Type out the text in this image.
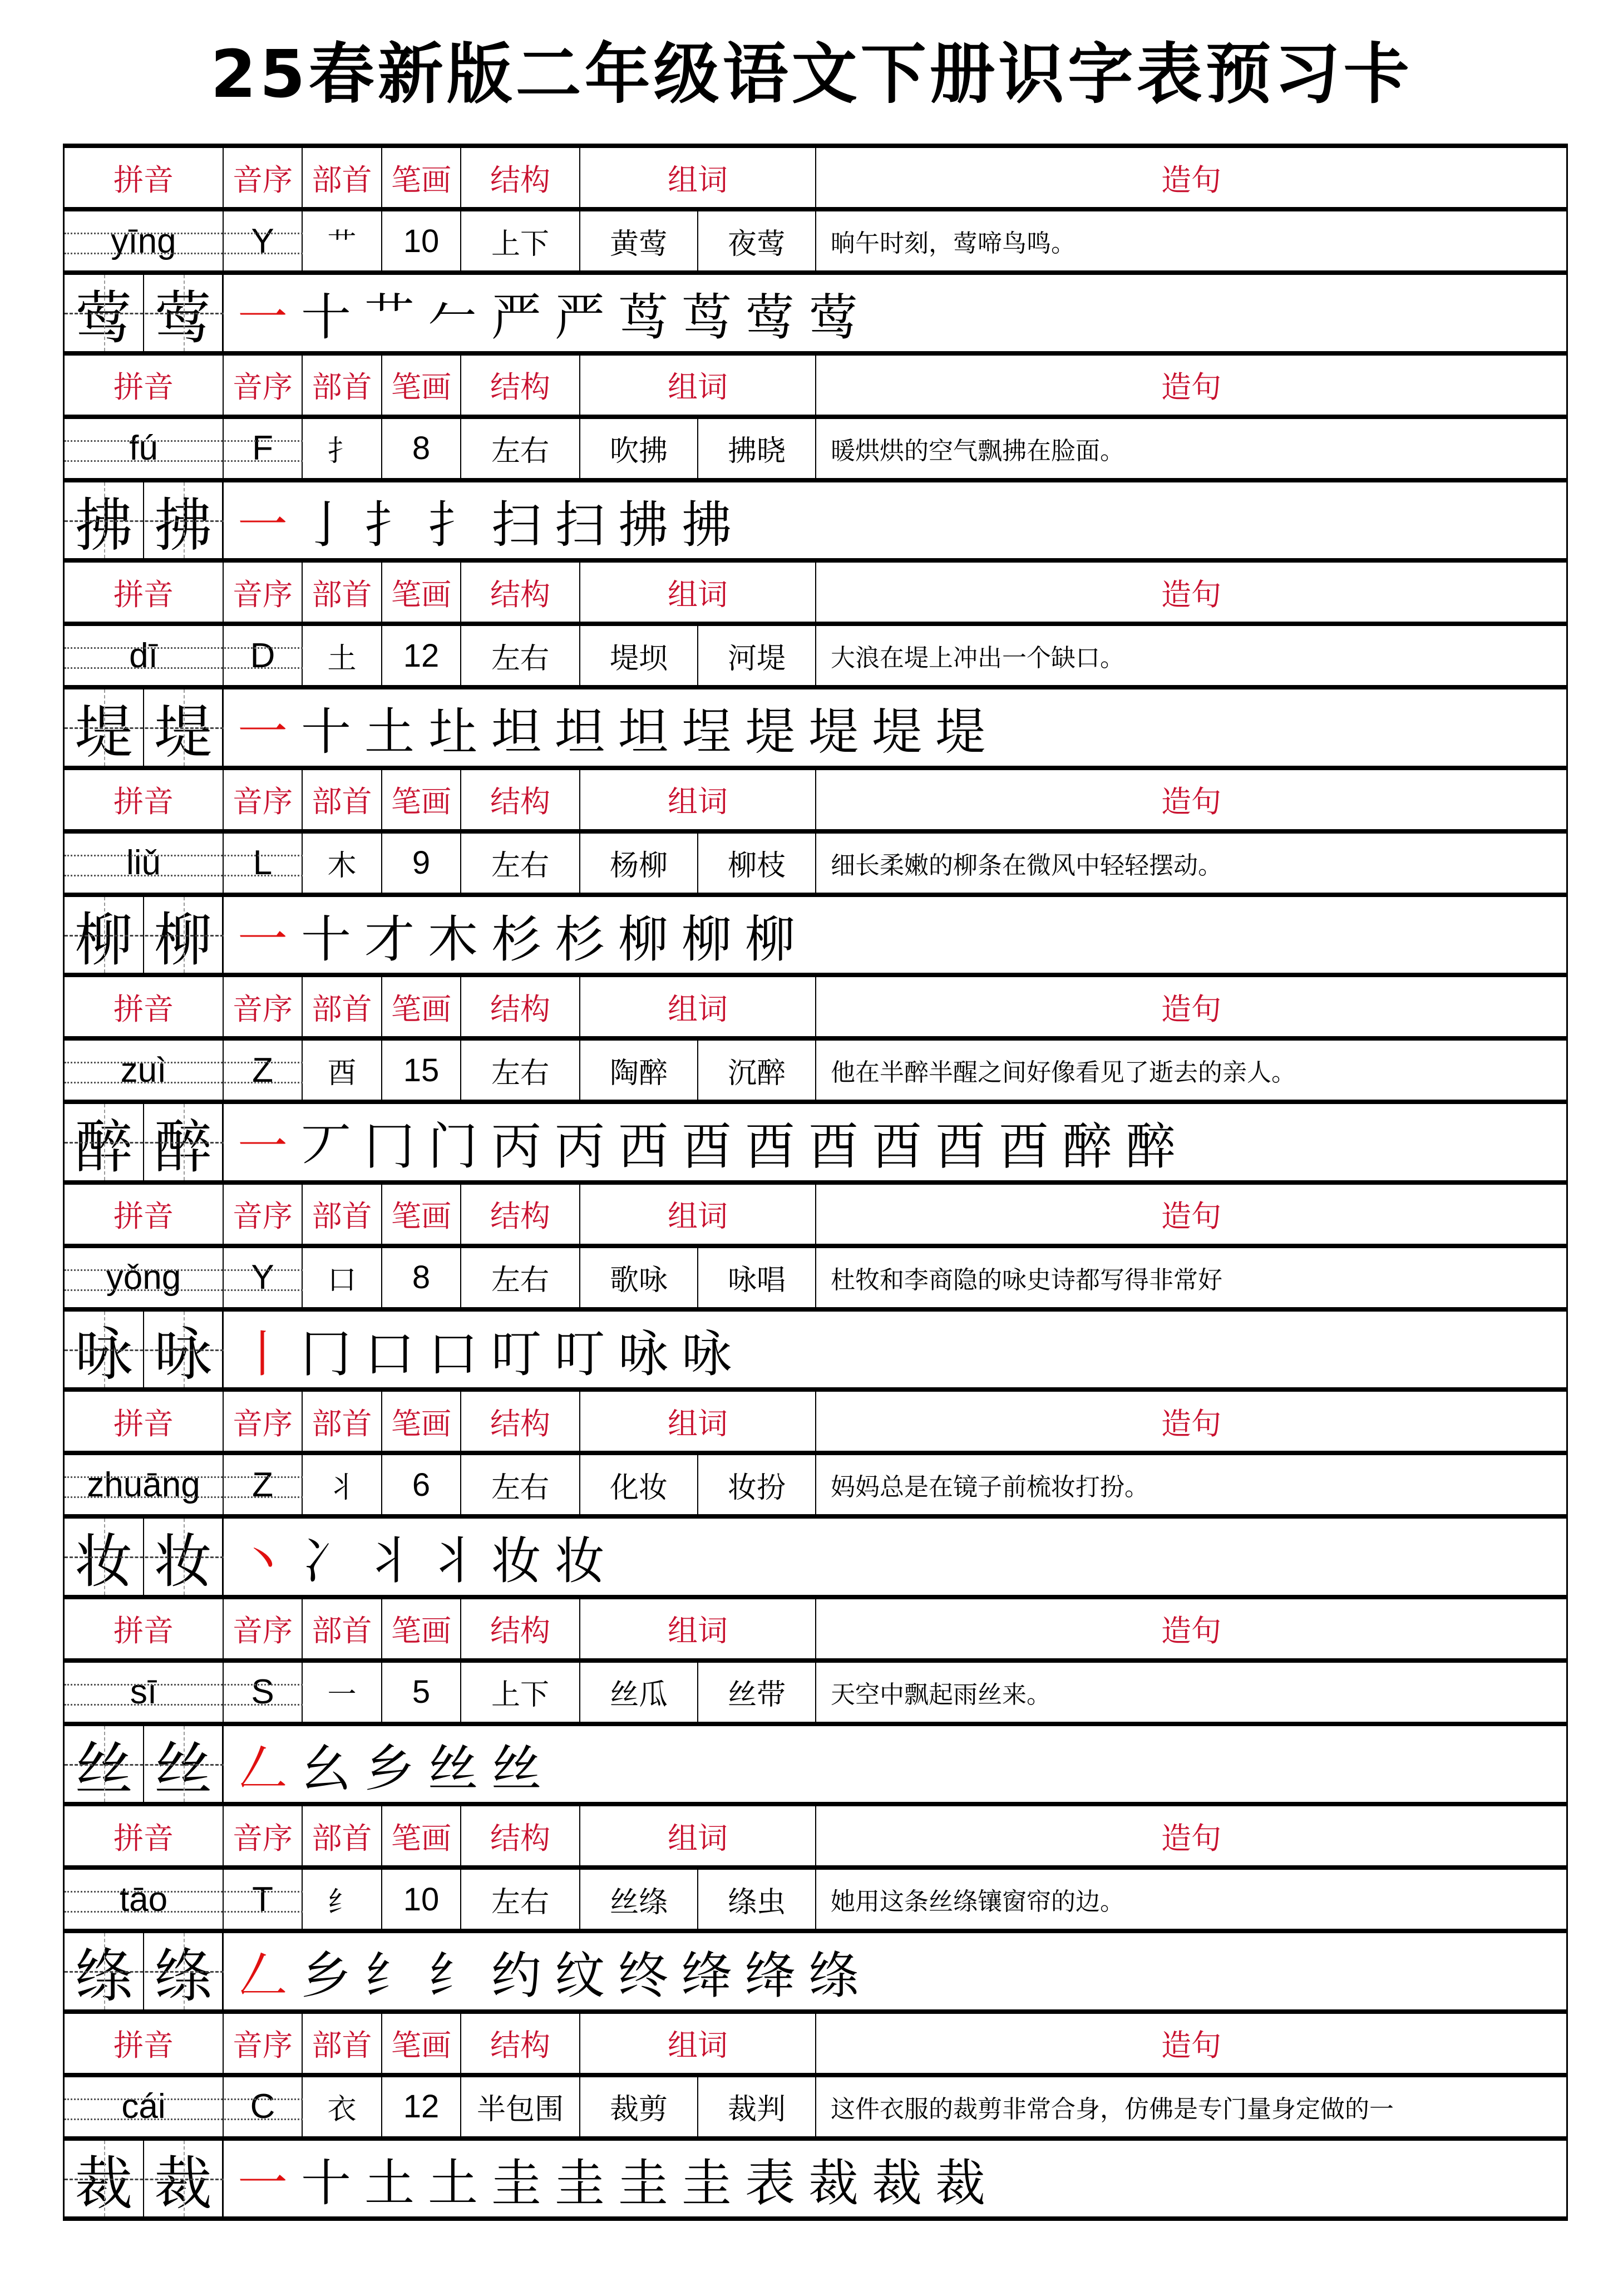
25春新版二年级语文下册识字表预习卡
拼音	音序 部首 笔画	结构	组词	造句
yīng	Y	艹	10	上下	黄莺	夜莺	晌午时刻，莺啼鸟鸣。
莺 莺 一 十 艹 𠂉 严 严 茑 茑 莺 莺
拼音	音序 部首 笔画	结构	组词	造句
fú	F	扌	8	左右	吹拂	拂晓	暖烘烘的空气飘拂在脸面。
拂 拂 一 亅 扌 扌 扫 扫 拂 拂
拼音	音序 部首 笔画	结构	组词	造句
dī	D	土	12	左右	堤坝	河堤	大浪在堤上冲出一个缺口。
堤 堤 一 十 土 圵 坦 坦 坦 埕 堤 堤 堤 堤
拼音	音序 部首 笔画	结构	组词	造句
liǔ	L	木	9	左右	杨柳	柳枝	细长柔嫩的柳条在微风中轻轻摆动。
柳 柳 一 十 才 木 杉 杉 柳 柳 柳
拼音	音序 部首 笔画	结构	组词	造句
zuì	Z	酉	15	左右	陶醉	沉醉	他在半醉半醒之间好像看见了逝去的亲人。
醉 醉 一 丆 冂 门 丙 丙 西 酉 酉 酉 酉 酉 酉 醉 醉
拼音	音序 部首 笔画	结构	组词	造句
yǒng	Y	口	8	左右	歌咏	咏唱	杜牧和李商隐的咏史诗都写得非常好
咏 咏 丨 冂 口 口 叮 叮 咏 咏
拼音	音序 部首 笔画	结构	组词	造句
zhuāng	Z	丬	6	左右	化妆	妆扮	妈妈总是在镜子前梳妆打扮。
妆 妆 丶 冫 丬 丬 妆 妆
拼音	音序 部首 笔画	结构	组词	造句
sī	S	一	5	上下	丝瓜	丝带	天空中飘起雨丝来。
丝 丝 𠃋 幺 乡 丝 丝
拼音	音序 部首 笔画	结构	组词	造句
tāo	T	纟	10	左右	丝绦	绦虫	她用这条丝绦镶窗帘的边。
绦 绦 𠃋 乡 纟 纟 约 纹 终 绛 绛 绦
拼音	音序 部首 笔画	结构	组词	造句
cái	C	衣	12	半包围	裁剪	裁判	这件衣服的裁剪非常合身，仿佛是专门量身定做的一
裁 裁 一 十 土 土 圭 圭 圭 圭 表 裁 裁 裁
